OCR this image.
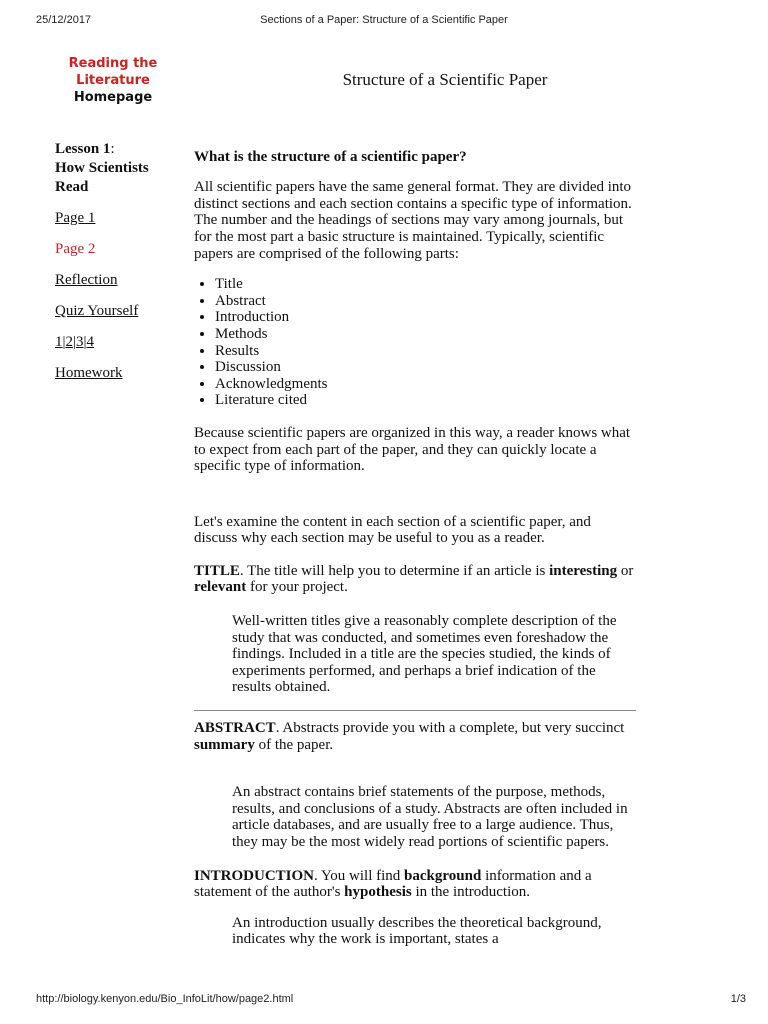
25/12/2017	Sections of a Paper: Structure of a Scientific Paper
Reading the
Literature
Homepage
Lesson 1:
How Scientists
Read
Page 1
Page 2
Reflection
Quiz Yourself
1|2|3|4
Homework
Structure of a Scientific Paper

What is the structure of a scientific paper?

All scientific papers have the same general format. They are divided into distinct sections and each section contains a specific type of information. The number and the headings of sections may vary among journals, but for the most part a basic structure is maintained. Typically, scientific papers are comprised of the following parts:

• Title
• Abstract
• Introduction
• Methods
• Results
• Discussion
• Acknowledgments
• Literature cited

Because scientific papers are organized in this way, a reader knows what to expect from each part of the paper, and they can quickly locate a specific type of information.

Let's examine the content in each section of a scientific paper, and discuss why each section may be useful to you as a reader.

TITLE. The title will help you to determine if an article is interesting or relevant for your project.

Well-written titles give a reasonably complete description of the study that was conducted, and sometimes even foreshadow the findings. Included in a title are the species studied, the kinds of experiments performed, and perhaps a brief indication of the results obtained.

ABSTRACT. Abstracts provide you with a complete, but very succinct summary of the paper.

An abstract contains brief statements of the purpose, methods, results, and conclusions of a study. Abstracts are often included in article databases, and are usually free to a large audience. Thus, they may be the most widely read portions of scientific papers.

INTRODUCTION. You will find background information and a statement of the author's hypothesis in the introduction.

An introduction usually describes the theoretical background, indicates why the work is important, states a

http://biology.kenyon.edu/Bio_InfoLit/how/page2.html	1/3
